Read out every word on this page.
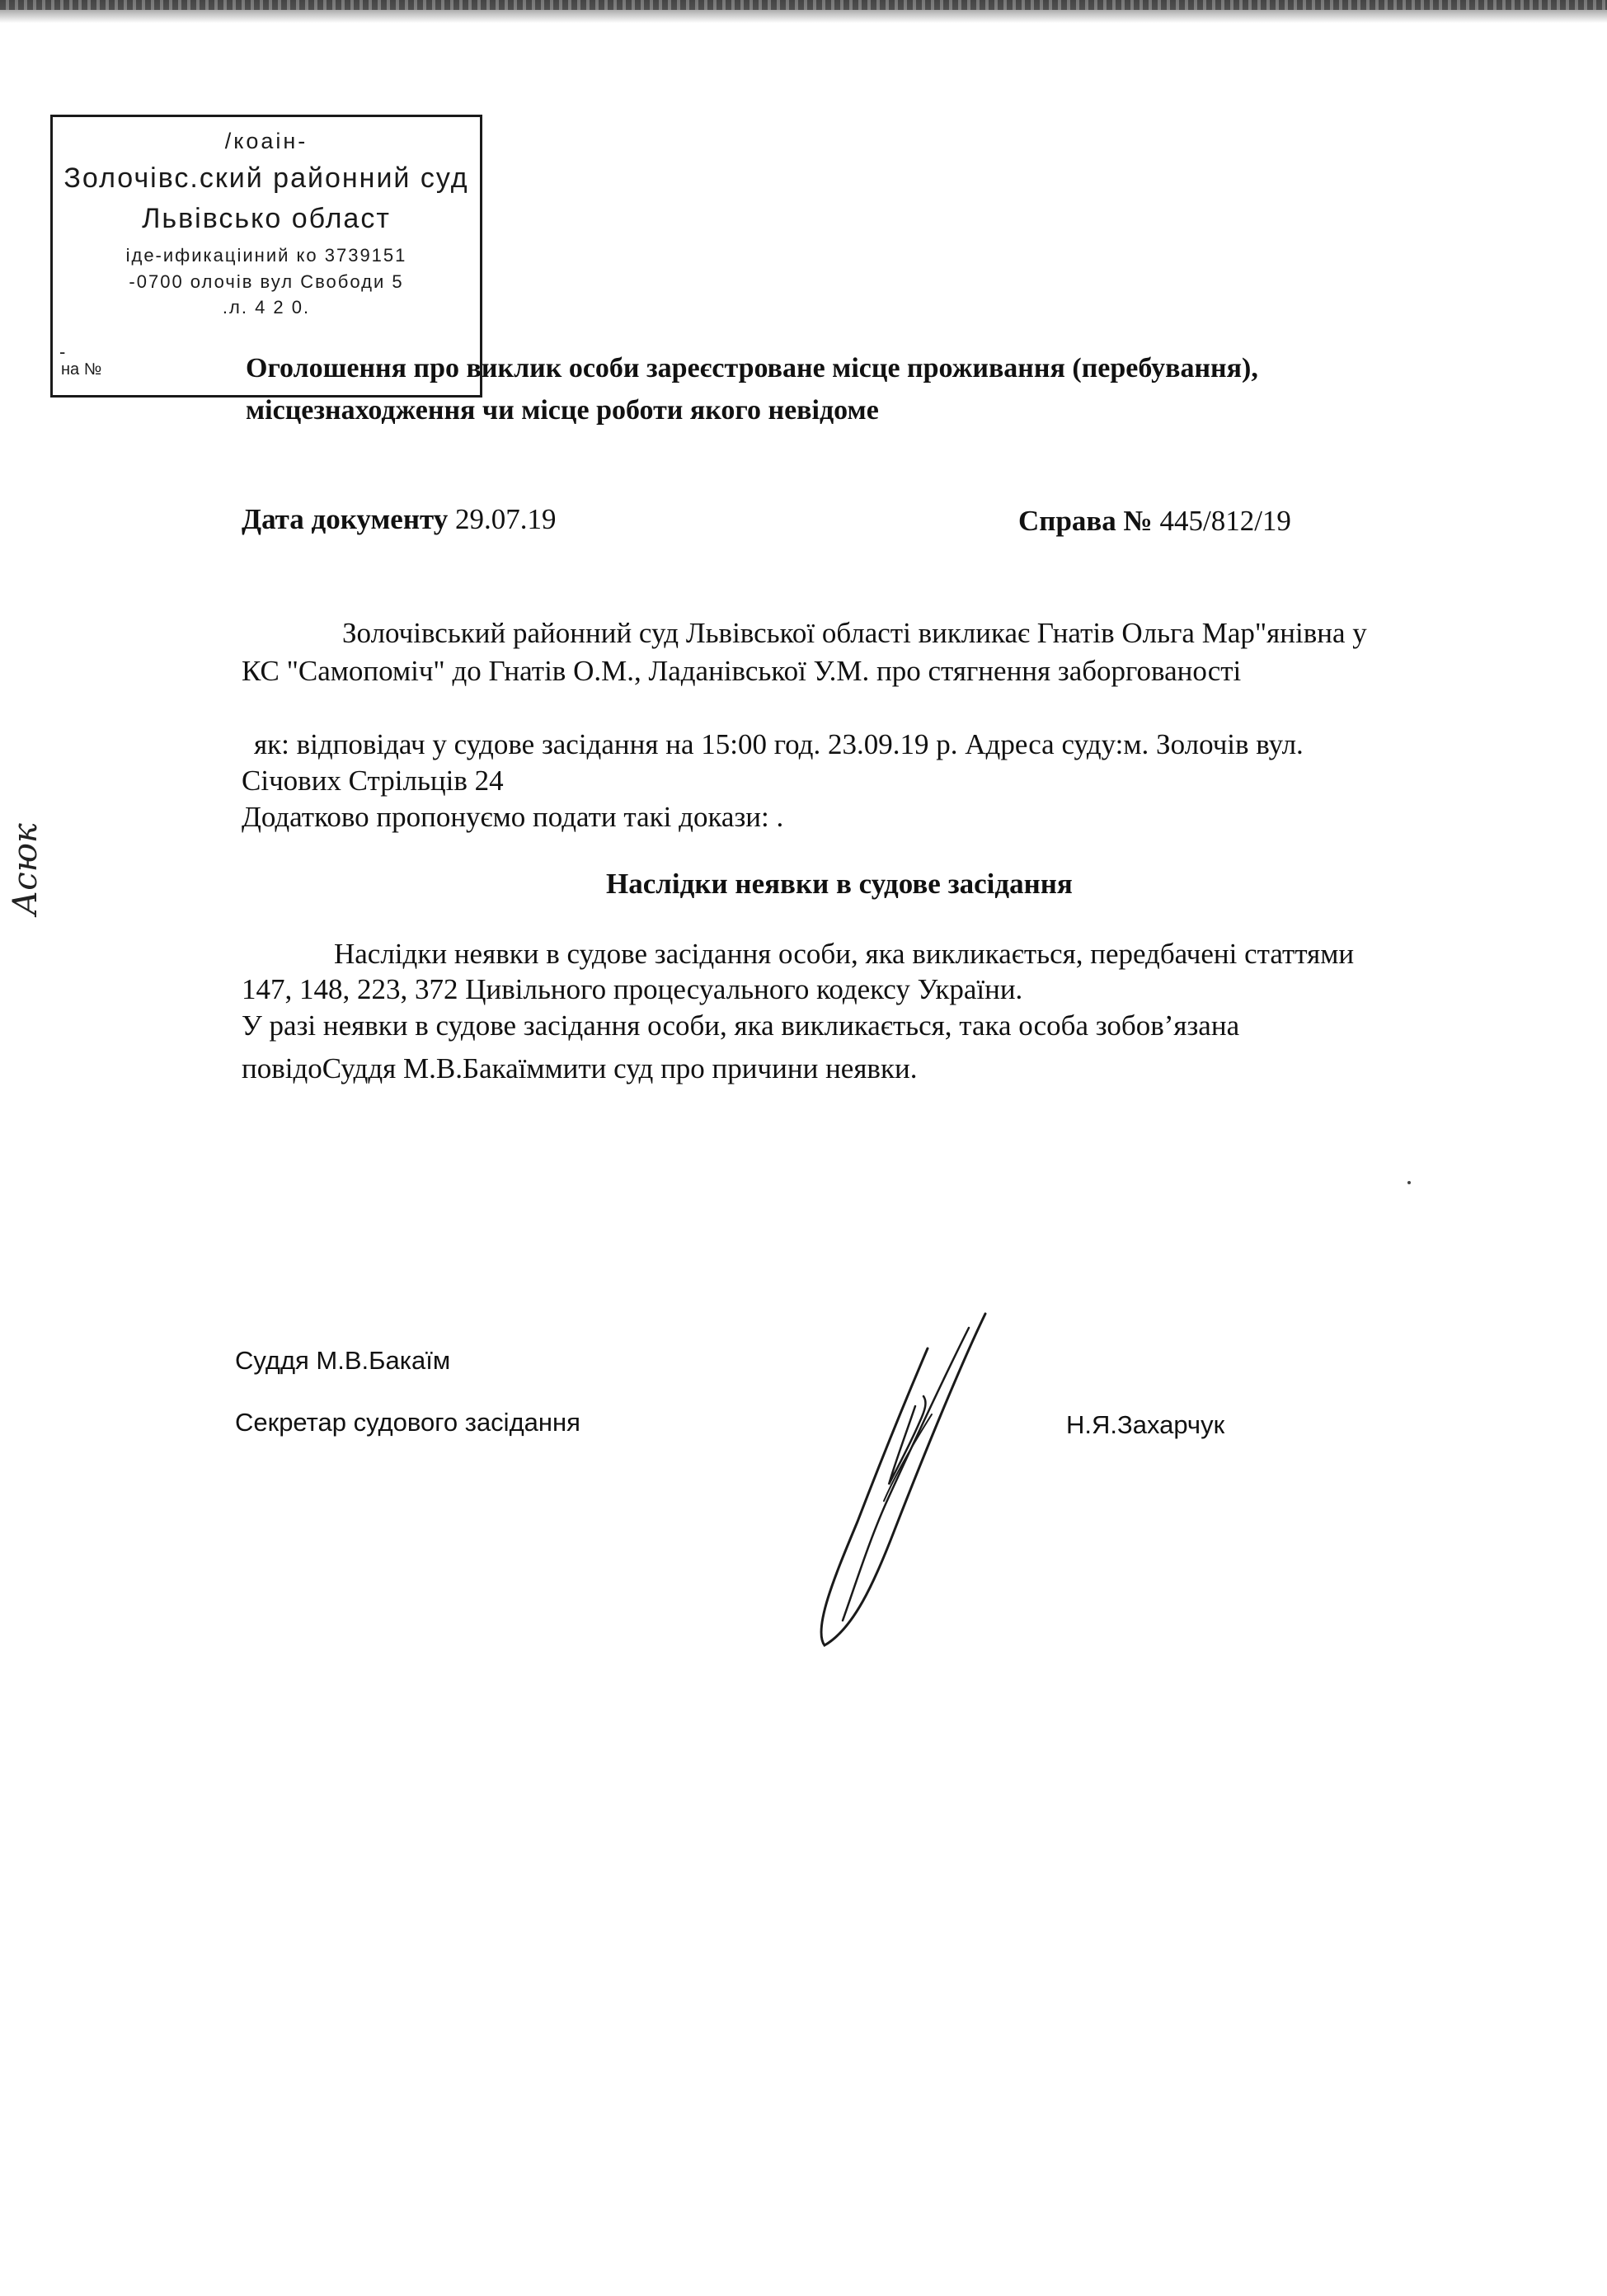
/коаін-
Золочівс.ский районний суд
Львівсько област
іде-ификаціиний ко 3739151
-0700 олочів вул Свободи 5
.л. 4 2 0.
-
на №	Оголошення про виклик особи зареєстроване місце проживання (перебування),
місцезнаходження чи місце роботи якого невідоме
Дата документу 29.07.19	Справа № 445/812/19
Золочівський районний суд Львівської області викликає Гнатів Ольга Мар"янівна у
КС "Самопоміч" до Гнатів О.М., Ладанівської У.М. про стягнення заборгованості
як: відповідач у судове засідання на 15:00 год. 23.09.19 р. Адреса суду:м. Золочів вул.
Січових Стрільців 24
Додатково пропонуємо подати такі докази: .
Наслідки неявки в судове засідання
Наслідки неявки в судове засідання особи, яка викликається, передбачені статтями
147, 148, 223, 372 Цивільного процесуального кодексу України.
У разі неявки в судове засідання особи, яка викликається, така особа зобов’язана
повідоСуддя М.В.Бакаїммити суд про причини неявки.
Суддя М.В.Бакаїм
Секретар судового засідання	Н.Я.Захарчук
Асюк
